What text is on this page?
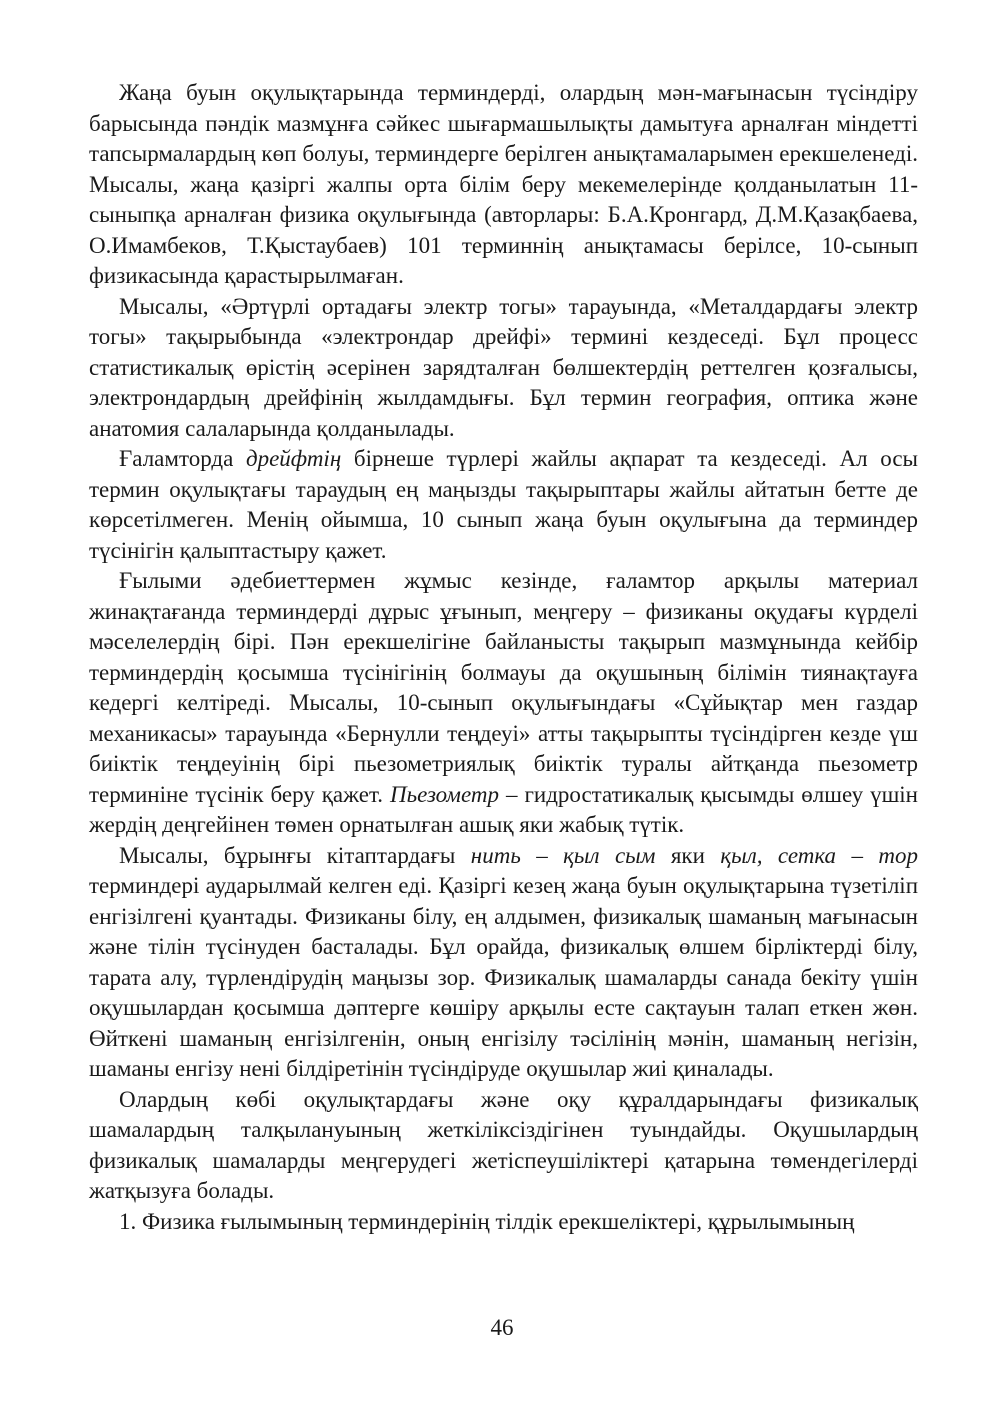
Жаңа буын оқулықтарында терминдерді, олардың мән-мағынасын түсіндіру барысында пәндік мазмұнға сәйкес шығармашылықты дамытуға арналған міндетті тапсырмалардың көп болуы, терминдерге берілген анықтамаларымен ерекшеленеді. Мысалы, жаңа қазіргі жалпы орта білім беру мекемелерінде қолданылатын 11-сыныпқа арналған физика оқулығында (авторлары: Б.А.Кронгард, Д.М.Қазақбаева, О.Имамбеков, Т.Қыстаубаев) 101 терминнің анықтамасы берілсе, 10-сынып физикасында қарастырылмаған.

Мысалы, «Әртүрлі ортадағы электр тогы» тарауында, «Металдардағы электр тогы» тақырыбында «электрондар дрейфі» термині кездеседі. Бұл процесс статистикалық өрістің әсерінен зарядталған бөлшектердің реттелген қозғалысы, электрондардың дрейфінің жылдамдығы. Бұл термин география, оптика және анатомия салаларында қолданылады.

Ғаламторда дрейфтің бірнеше түрлері жайлы ақпарат та кездеседі. Ал осы термин оқулықтағы тараудың ең маңызды тақырыптары жайлы айтатын бетте де көрсетілмеген. Менің ойымша, 10 сынып жаңа буын оқулығына да терминдер түсінігін қалыптастыру қажет.

Ғылыми әдебиеттермен жұмыс кезінде, ғаламтор арқылы материал жинақтағанда терминдерді дұрыс ұғынып, меңгеру – физиканы оқудағы күрделі мәселелердің бірі. Пән ерекшелігіне байланысты тақырып мазмұнында кейбір терминдердің қосымша түсінігінің болмауы да оқушының білімін тиянақтауға кедергі келтіреді. Мысалы, 10-сынып оқулығындағы «Сұйықтар мен газдар механикасы» тарауында «Бернулли теңдеуі» атты тақырыпты түсіндірген кезде үш биіктік теңдеуінің бірі пьезометриялық биіктік туралы айтқанда пьезометр терминіне түсінік беру қажет. Пьезометр – гидростатикалық қысымды өлшеу үшін жердің деңгейінен төмен орнатылған ашық яки жабық түтік.

Мысалы, бұрынғы кітаптардағы нить – қыл сым яки қыл, сетка – тор терминдері аударылмай келген еді. Қазіргі кезең жаңа буын оқулықтарына түзетіліп енгізілгені қуантады. Физиканы білу, ең алдымен, физикалық шаманың мағынасын және тілін түсінуден басталады. Бұл орайда, физикалық өлшем бірліктерді білу, тарата алу, түрлендірудің маңызы зор. Физикалық шамаларды санада бекіту үшін оқушылардан қосымша дәптерге көшіру арқылы есте сақтауын талап еткен жөн. Өйткені шаманың енгізілгенін, оның енгізілу тәсілінің мәнін, шаманың негізін, шаманы енгізу нені білдіретінін түсіндіруде оқушылар жиі қиналады.

Олардың көбі оқулықтардағы және оқу құралдарындағы физикалық шамалардың талқылануының жеткіліксіздігінен туындайды. Оқушылардың физикалық шамаларды меңгерудегі жетіспеушіліктері қатарына төмендегілерді жатқызуға болады.

1. Физика ғылымының терминдерінің тілдік ерекшеліктері, құрылымының

46
